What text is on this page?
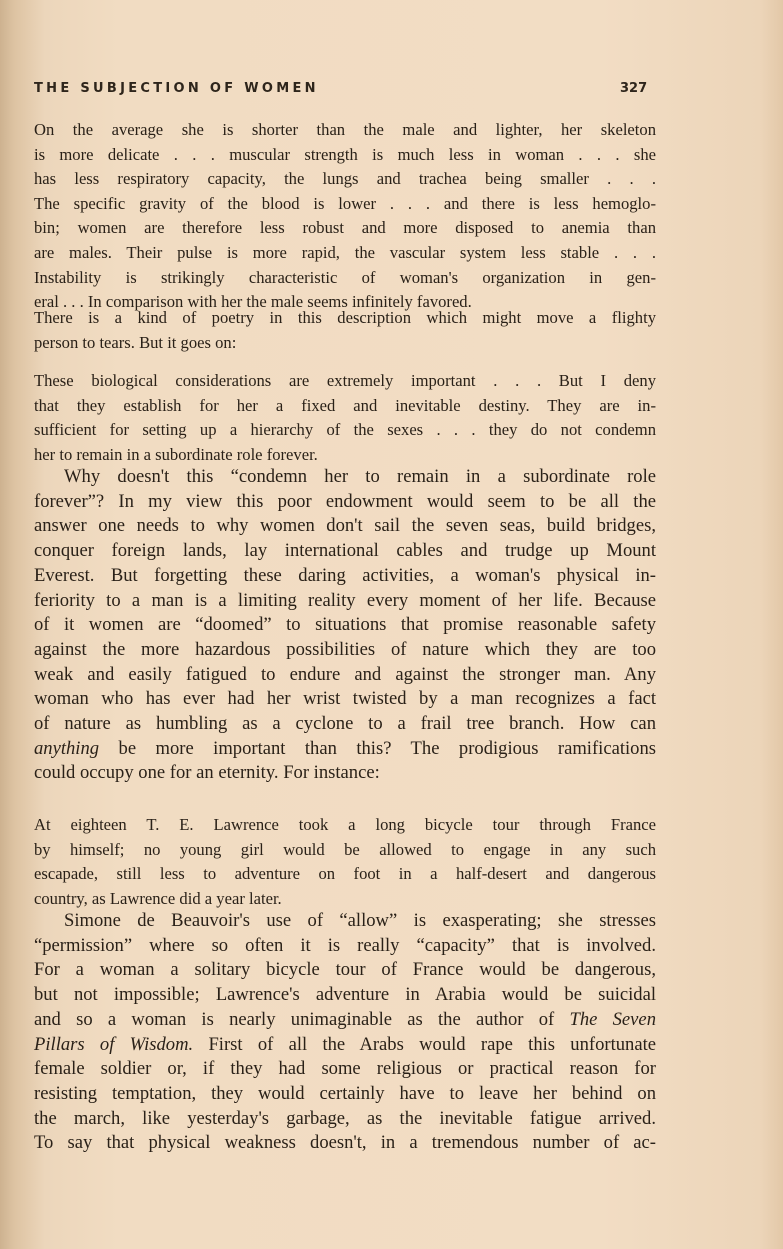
THE SUBJECTION OF WOMEN	327
On the average she is shorter than the male and lighter, her skeleton
is more delicate . . . muscular strength is much less in woman . . . she
has less respiratory capacity, the lungs and trachea being smaller . . .
The specific gravity of the blood is lower . . . and there is less hemoglo-
bin; women are therefore less robust and more disposed to anemia than
are males. Their pulse is more rapid, the vascular system less stable . . .
Instability is strikingly characteristic of woman's organization in gen-
eral . . . In comparison with her the male seems infinitely favored.
There is a kind of poetry in this description which might move a flighty
person to tears. But it goes on:
These biological considerations are extremely important . . . But I deny
that they establish for her a fixed and inevitable destiny. They are in-
sufficient for setting up a hierarchy of the sexes . . . they do not condemn
her to remain in a subordinate role forever.
Why doesn't this “condemn her to remain in a subordinate role
forever”? In my view this poor endowment would seem to be all the
answer one needs to why women don't sail the seven seas, build bridges,
conquer foreign lands, lay international cables and trudge up Mount
Everest. But forgetting these daring activities, a woman's physical in-
feriority to a man is a limiting reality every moment of her life. Because
of it women are “doomed” to situations that promise reasonable safety
against the more hazardous possibilities of nature which they are too
weak and easily fatigued to endure and against the stronger man. Any
woman who has ever had her wrist twisted by a man recognizes a fact
of nature as humbling as a cyclone to a frail tree branch. How can
anything be more important than this? The prodigious ramifications
could occupy one for an eternity. For instance:
At eighteen T. E. Lawrence took a long bicycle tour through France
by himself; no young girl would be allowed to engage in any such
escapade, still less to adventure on foot in a half-desert and dangerous
country, as Lawrence did a year later.
Simone de Beauvoir's use of “allow” is exasperating; she stresses
“permission” where so often it is really “capacity” that is involved.
For a woman a solitary bicycle tour of France would be dangerous,
but not impossible; Lawrence's adventure in Arabia would be suicidal
and so a woman is nearly unimaginable as the author of The Seven
Pillars of Wisdom. First of all the Arabs would rape this unfortunate
female soldier or, if they had some religious or practical reason for
resisting temptation, they would certainly have to leave her behind on
the march, like yesterday's garbage, as the inevitable fatigue arrived.
To say that physical weakness doesn't, in a tremendous number of ac-
